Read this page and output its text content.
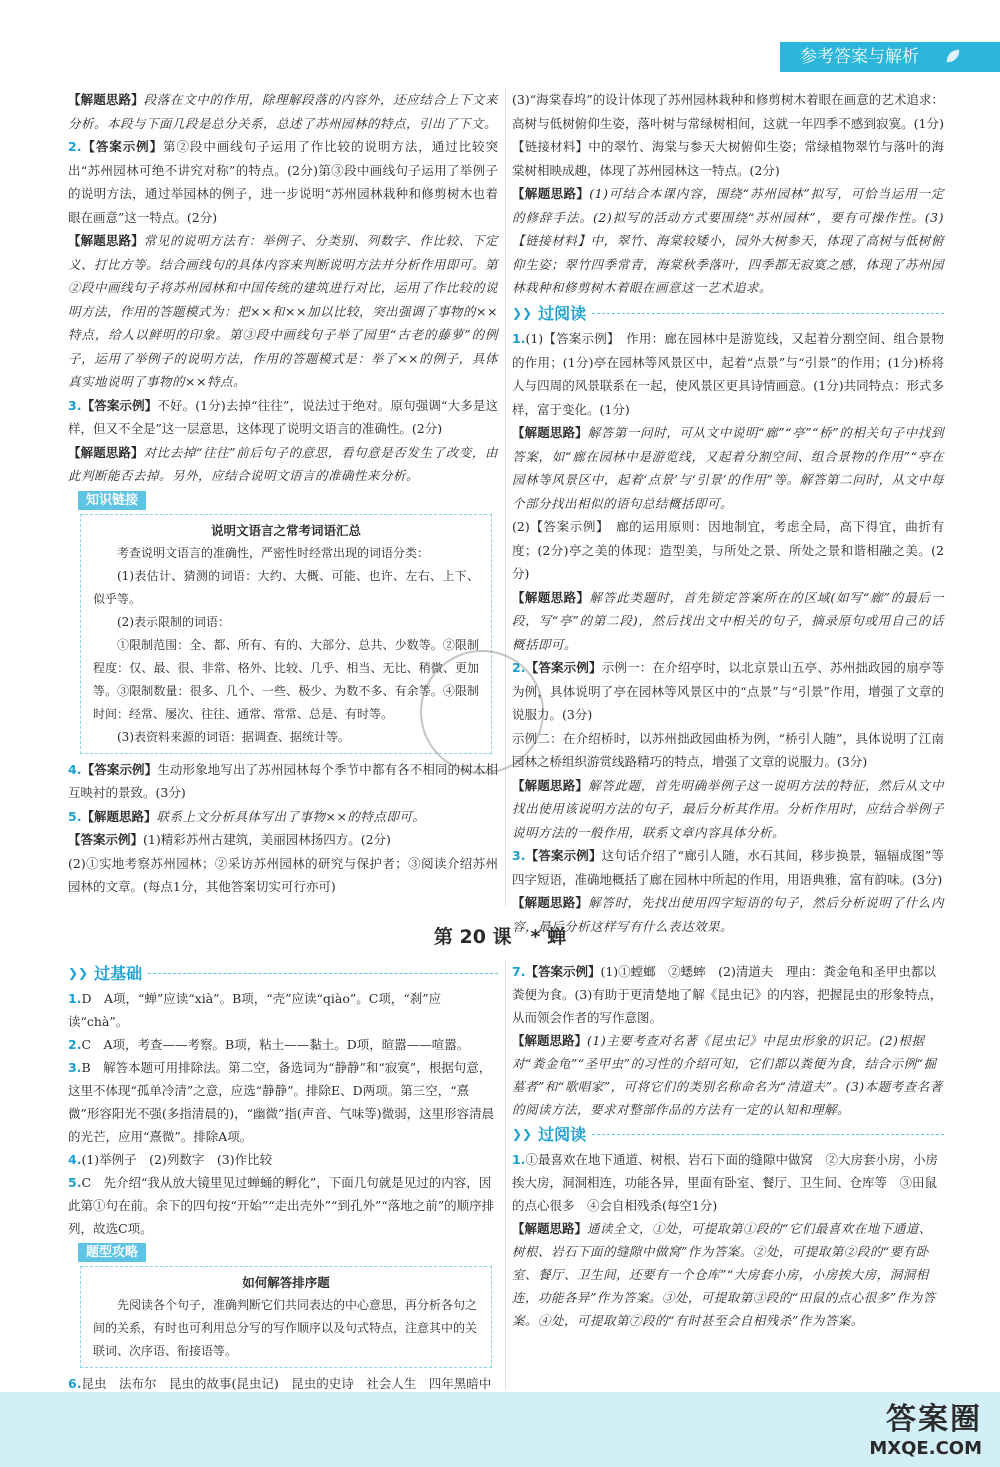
参考答案与解析

【解题思路】段落在文中的作用，除理解段落的内容外，还应结合上下文来分析。本段与下面几段是总分关系，总述了苏州园林的特点，引出了下文。

2.【答案示例】第②段中画线句子运用了作比较的说明方法，通过比较突出“苏州园林可绝不讲究对称”的特点。(2分)第③段中画线句子运用了举例子的说明方法，通过举园林的例子，进一步说明“苏州园林栽种和修剪树木也着眼在画意”这一特点。(2分)

【解题思路】常见的说明方法有：举例子、分类别、列数字、作比较、下定义、打比方等。结合画线句的具体内容来判断说明方法并分析作用即可。第②段中画线句子将苏州园林和中国传统的建筑进行对比，运用了作比较的说明方法，作用的答题模式为：把××和××加以比较，突出强调了事物的××特点，给人以鲜明的印象。第③段中画线句子举了园里“古老的藤萝”的例子，运用了举例子的说明方法，作用的答题模式是：举了××的例子，具体真实地说明了事物的××特点。

3.【答案示例】不好。(1分)去掉“往往”，说法过于绝对。原句强调“大多是这样，但又不全是”这一层意思，这体现了说明文语言的准确性。(2分)

【解题思路】对比去掉“往往”前后句子的意思，看句意是否发生了改变，由此判断能否去掉。另外，应结合说明文语言的准确性来分析。

知识链接
说明文语言之常考词语汇总
考查说明文语言的准确性，严密性时经常出现的词语分类：
(1)表估计、猜测的词语：大约、大概、可能、也许、左右、上下、似乎等。
(2)表示限制的词语：
①限制范围：全、都、所有、有的、大部分、总共、少数等。②限制程度：仅、最、很、非常、格外、比较、几乎、相当、无比、稍微、更加等。③限制数量：很多、几个、一些、极少、为数不多、有余等。④限制时间：经常、屡次、往往、通常、常常、总是、有时等。
(3)表资料来源的词语：据调查、据统计等。

4.【答案示例】生动形象地写出了苏州园林每个季节中都有各不相同的树木相互映衬的景致。(3分)

5.【解题思路】联系上文分析具体写出了事物××的特点即可。

【答案示例】(1)精彩苏州古建筑，美丽园林扬四方。(2分)

(2)①实地考察苏州园林；②采访苏州园林的研究与保护者；③阅读介绍苏州园林的文章。(每点1分，其他答案切实可行亦可)

(3)“海棠春坞”的设计体现了苏州园林栽种和修剪树木着眼在画意的艺术追求：高树与低树俯仰生姿，落叶树与常绿树相间，这就一年四季不感到寂寞。(1分)【链接材料】中的翠竹、海棠与参天大树俯仰生姿；常绿植物翠竹与落叶的海棠树相映成趣，体现了苏州园林这一特点。(2分)

【解题思路】(1)可结合本课内容，围绕“苏州园林”拟写，可恰当运用一定的修辞手法。(2)拟写的活动方式要围绕“苏州园林”，要有可操作性。(3)【链接材料】中，翠竹、海棠较矮小，园外大树参天，体现了高树与低树俯仰生姿；翠竹四季常青，海棠秋季落叶，四季都无寂寞之感，体现了苏州园林栽种和修剪树木着眼在画意这一艺术追求。

❯❯ 过阅读

1.(1)【答案示例】　作用：廊在园林中是游览线，又起着分割空间、组合景物的作用；(1分)亭在园林等风景区中，起着“点景”与“引景”的作用；(1分)桥将人与四周的风景联系在一起，使风景区更具诗情画意。(1分)共同特点：形式多样，富于变化。(1分)

【解题思路】解答第一问时，可从文中说明“廊”“亭”“桥”的相关句子中找到答案，如“廊在园林中是游览线，又起着分割空间、组合景物的作用”“亭在园林等风景区中，起着‘点景’与‘引景’的作用”等。解答第二问时，从文中每个部分找出相似的语句总结概括即可。

(2)【答案示例】　廊的运用原则：因地制宜，考虑全局，高下得宜，曲折有度；(2分)亭之美的体现：造型美，与所处之景、所处之景和谐相融之美。(2分)

【解题思路】解答此类题时，首先锁定答案所在的区域(如写“廊”的最后一段，写“亭”的第二段)，然后找出文中相关的句子，摘录原句或用自己的话概括即可。

2.【答案示例】示例一：在介绍亭时，以北京景山五亭、苏州拙政园的扇亭等为例，具体说明了亭在园林等风景区中的“点景”与“引景”作用，增强了文章的说服力。(3分)

示例二：在介绍桥时，以苏州拙政园曲桥为例，“桥引人随”，具体说明了江南园林之桥组织游赏线路精巧的特点，增强了文章的说服力。(3分)

【解题思路】解答此题，首先明确举例子这一说明方法的特征，然后从文中找出使用该说明方法的句子，最后分析其作用。分析作用时，应结合举例子说明方法的一般作用，联系文章内容具体分析。

3.【答案示例】这句话介绍了“廊引人随，水石其间，移步换景，辐辐成图”等四字短语，准确地概括了廊在园林中所起的作用，用语典雅，富有韵味。(3分)

【解题思路】解答时，先找出使用四字短语的句子，然后分析说明了什么内容，最后分析这样写有什么表达效果。

第 20 课　* 蝉
❯❯ 过基础

1.D　A项，“蝉”应读“xià”。B项，“壳”应读“qiào”。C项，“刹”应读“chà”。

2.C　A项，考查——考察。B项，粘土——黏土。D项，暄嚣——喧嚣。

3.B　解答本题可用排除法。第二空，备选词为“静静”和“寂寞”，根据句意，这里不体现“孤单冷清”之意，应选“静静”。排除E、D两项。第三空，“熹微”形容阳光不强(多指清晨的)，“幽微”指(声音、气味等)微弱，这里形容清晨的光芒，应用“熹微”。排除A项。

4.(1)举例子　(2)列数字　(3)作比较

5.C　先介绍“我从放大镜里见过蝉蛹的孵化”，下面几句就是见过的内容，因此第①句在前。余下的四句按“开始”“走出壳外”“到孔外”“落地之前”的顺序排列，故选C项。

题型攻略
如何解答排序题
先阅读各个句子，准确判断它们共同表达的中心意思，再分析各句之间的关系，有时也可利用总分写的写作顺序以及句式特点，注意其中的关联词、次序语、衔接语等。

6.昆虫　法布尔　昆虫的故事(昆虫记)　昆虫的史诗　社会人生　四年黑暗中

7.【答案示例】(1)①螳螂　②蟋蟀　(2)清道夫　理由：粪金龟和圣甲虫都以粪便为食。(3)有助于更清楚地了解《昆虫记》的内容，把握昆虫的形象特点，从而领会作者的写作意图。

【解题思路】(1)主要考查对名著《昆虫记》中昆虫形象的识记。(2)根据对“粪金龟”“圣甲虫”的习性的介绍可知，它们都以粪便为食，结合示例“掘墓者”和“歌唱家”，可将它们的类别名称命名为“清道夫”。(3)本题考查名著的阅读方法，要求对整部作品的方法有一定的认知和理解。

❯❯ 过阅读

1.①最喜欢在地下通道、树根、岩石下面的缝隙中做窝　②大房套小房，小房挨大房，洞洞相连，功能各异，里面有卧室、餐厅、卫生间、仓库等　③田鼠的点心很多　④会自相残杀(每空1分)

【解题思路】通读全文，①处，可提取第①段的“它们最喜欢在地下通道、树根、岩石下面的缝隙中做窝”作为答案。②处，可提取第②段的“要有卧室、餐厅、卫生间，还要有一个仓库”“大房套小房，小房挨大房，洞洞相连，功能各异”作为答案。③处，可提取第③段的“田鼠的点心很多”作为答案。④处，可提取第⑦段的“有时甚至会自相残杀”作为答案。

答案圈
MXQE.COM
